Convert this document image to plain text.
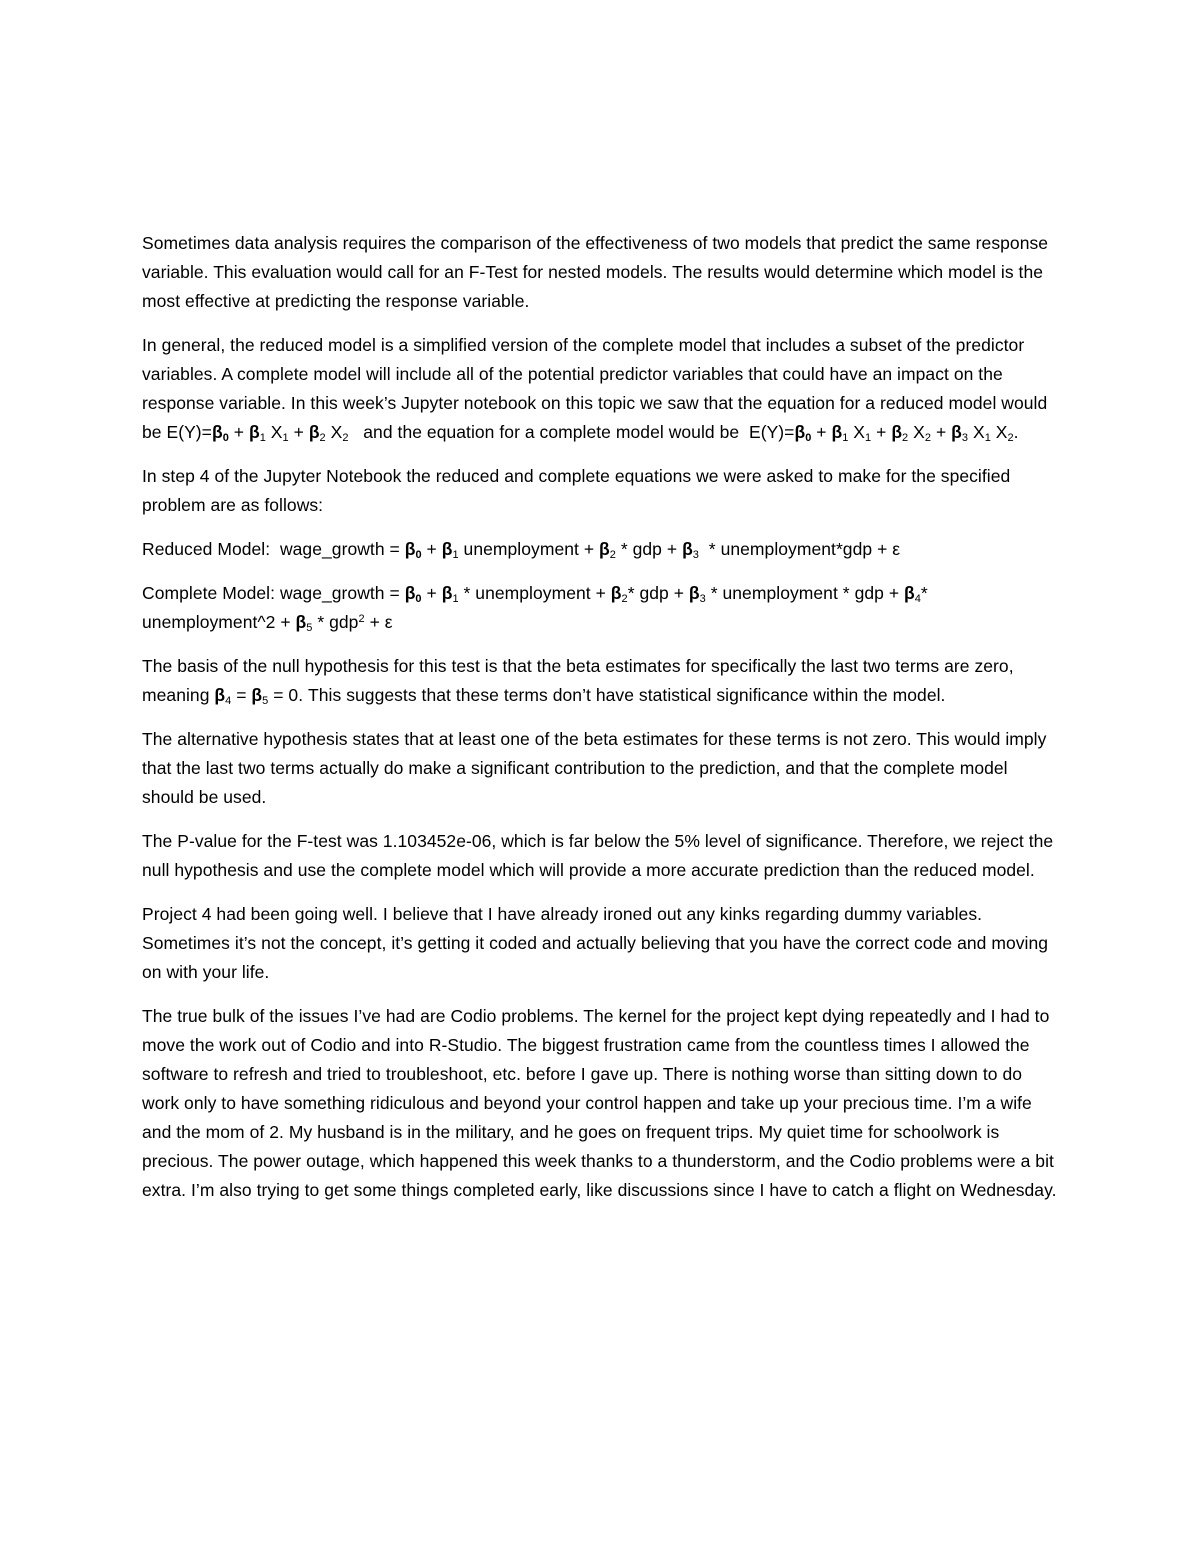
Sometimes data analysis requires the comparison of the effectiveness of two models that predict the same response variable. This evaluation would call for an F-Test for nested models. The results would determine which model is the most effective at predicting the response variable.

In general, the reduced model is a simplified version of the complete model that includes a subset of the predictor variables. A complete model will include all of the potential predictor variables that could have an impact on the response variable. In this week’s Jupyter notebook on this topic we saw that the equation for a reduced model would be $E(Y)=\beta_0 + \beta_1$ $X_1 + \beta_2$ $X_2$   and the equation for a complete model would be  $E(Y)=\beta_0 + \beta_1$ $X_1 + \beta_2$ $X_2 + \beta_3$ $X_1$ $X_2$.

In step 4 of the Jupyter Notebook the reduced and complete equations we were asked to make for the specified problem are as follows:

Reduced Model:  wage_growth = $\beta_0 + \beta_1$ unemployment + $\beta_2$ * gdp + $\beta_3$  * unemployment*gdp + ε

Complete Model: wage_growth = $\beta_0 + \beta_1$ * unemployment + $\beta_2*$ gdp + $\beta_3$ * unemployment * gdp + $\beta_4*$ unemployment^2 + $\beta_5 * gdp^2 + \varepsilon$

The basis of the null hypothesis for this test is that the beta estimates for specifically the last two terms are zero, meaning $\beta_4 = \beta_5 = 0$. This suggests that these terms don’t have statistical significance within the model.

The alternative hypothesis states that at least one of the beta estimates for these terms is not zero. This would imply that the last two terms actually do make a significant contribution to the prediction, and that the complete model should be used.

The P-value for the F-test was 1.103452e-06, which is far below the 5% level of significance. Therefore, we reject the null hypothesis and use the complete model which will provide a more accurate prediction than the reduced model.

Project 4 had been going well. I believe that I have already ironed out any kinks regarding dummy variables. Sometimes it’s not the concept, it’s getting it coded and actually believing that you have the correct code and moving on with your life.

The true bulk of the issues I’ve had are Codio problems. The kernel for the project kept dying repeatedly and I had to move the work out of Codio and into R-Studio. The biggest frustration came from the countless times I allowed the software to refresh and tried to troubleshoot, etc. before I gave up. There is nothing worse than sitting down to do work only to have something ridiculous and beyond your control happen and take up your precious time. I’m a wife and the mom of 2. My husband is in the military, and he goes on frequent trips. My quiet time for schoolwork is precious. The power outage, which happened this week thanks to a thunderstorm, and the Codio problems were a bit extra. I’m also trying to get some things completed early, like discussions since I have to catch a flight on Wednesday.
